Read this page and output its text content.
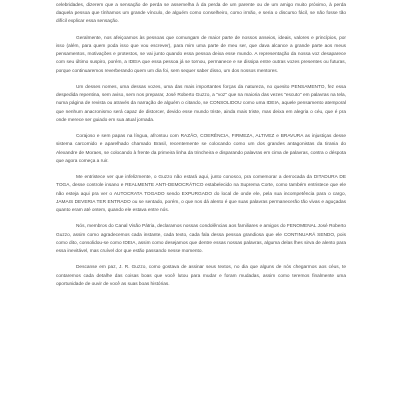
celebridades, dizerem que a sensação de perda se assemelha à da perda de um parente ou de um amigo muito próximo, à perda daquela pessoa que tínhamos um grande vínculo, de alguém como conselheiro, como irmão, e seria o discurso fácil, se não fosse tão difícil explicar essa sensação.

Geralmente, nos afeiçoamos às pessoas que comungam de maior parte de nossos anseios, ideais, valores e princípios, por isso (além, para quem poda isso que vou escrever), para mim uma parte de meu ser, que dava alcance a grande parte aos meus pensamentos, motivações e protestos, se vai junto quando essa pessoa deixa esse mundo. A representação da nossa voz desaparece com seu último suspiro, porém, a IDEIA que essa pessoa já se tornou, permanece e se dissipa entre outras vozes presentes ou futuras, porque continuaremos reverberando quem um dia foi, sem sequer saber disso, um dos nossos mentores.

Um desses nomes, uma dessas vozes, uma das mais importantes forças da natureza, no quesito PENSAMENTO, fez essa despedida repentina, sem aviso, sem nos preparar, José Roberto Guzzo, a "voz" que na maioria das vezes "escuto" em palavras na tela, numa página de revista ou através da narração de alguém o citando, se CONSOLIDOU como uma IDEIA, aquele pensamento atemporal que nenhum anacronismo será capaz de distorcer, devido esse mundo triste, ainda mais triste, mas deixa em alegria o céu, que é pra onde merece ser guiado em sua atual jornada.

Corajoso e sem papas na língua, afrontou com RAZÃO, COERÊNCIA, FIRMEZA, ALTIVEZ e BRAVURA as injustiças desse sistema carcomido e aparelhado chamado Brasil, recentemente se colocando como um dos grandes antagonistas da tirania do Alexandre de Moraes, se colocando à frente da primeira linha da trincheira e disparando palavras em cima de palavras, contra o déspota que agora começa a ruir.

Me entristece ver que infelizmente, o Guzzo não estará aqui, junto conosco, pra comemorar a derrocada da DITADURA DE TOGA, desse controle insano e REALMENTE ANTI-DEMOCRÁTICO estabelecido na Suprema Corte, como também entristece que ele não esteja aqui pra ver o AUTOCRATA TOGADO sendo EXPURGADO do local de onde ele, pela sua incompetência para o cargo, JAMAIS DEVERIA TER ENTRADO ou se sentado, porém, o que nos dá alento é que suas palavras permanecerão tão vivas e aguçadas quanto eram até ontem, quando ele estava entre nós.

Nós, membros do Canal Visão Pátria, declaramos nossas condolências aos familiares e amigos do FENOMENAL José Roberto Guzzo, assim como agradecemos cada instante, cada texto, cada fala dessa pessoa grandiosa que ele CONTINUARÁ SENDO, pois como dito, consolidou-se como IDEIA, assim como desejamos que dentre essas nossas palavras, alguma delas lhes sirva de alento para essa inevitável, mas cruível dor que estão passando nesse momento.

Descanse em paz, J. R. Guzzo, como gostava de assinar seus textos, no dia que alguns de nós chegarmos aos céus, te contaremos cada detalhe das coisas boas que você lutou para mudar e foram mudadas, assim como teremos finalmente uma oportunidade de ouvir de você as suas boas histórias.
